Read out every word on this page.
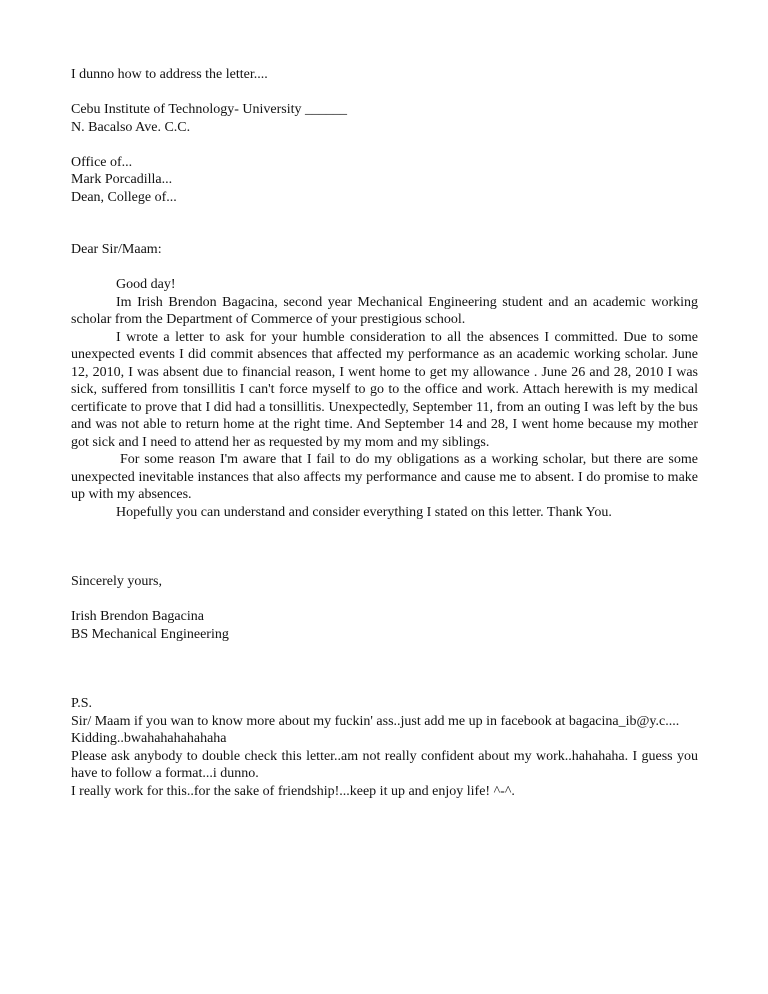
I dunno how to address the letter....
Cebu Institute of Technology- University ______
N. Bacalso Ave. C.C.
Office of...
Mark Porcadilla...
Dean, College of...
Dear Sir/Maam:
Good day!

Im Irish Brendon Bagacina, second year Mechanical Engineering student and an academic working scholar from the Department of Commerce of your prestigious school.

I wrote a letter to ask for your humble consideration to all the absences I committed. Due to some unexpected events I did commit absences that affected my performance as an academic working scholar. June 12, 2010, I was absent due to financial reason, I went home to get my allowance . June 26 and 28, 2010 I was sick, suffered from tonsillitis I can't force myself to go to the office and work. Attach herewith is my medical certificate to prove that I did had a tonsillitis. Unexpectedly, September 11, from an outing I was left by the bus and was not able to return home at the right time. And September 14 and 28, I went home because my mother got sick and I need to attend her as requested by my mom and my siblings.

For some reason I'm aware that I fail to do my obligations as a working scholar, but there are some unexpected inevitable instances that also affects my performance and cause me to absent. I do promise to make up with my absences.

Hopefully you can understand and consider everything I stated on this letter. Thank You.

Sincerely yours,
Irish Brendon Bagacina
BS Mechanical Engineering
P.S.

Sir/ Maam if you wan to know more about my fuckin' ass..just add me up in facebook at bagacina_ib@y.c....

Kidding..bwahahahahahaha

Please ask anybody to double check this letter..am not really confident about my work..hahahaha. I guess you have to follow a format...i dunno.

I really work for this..for the sake of friendship!...keep it up and enjoy life! ^-^.
